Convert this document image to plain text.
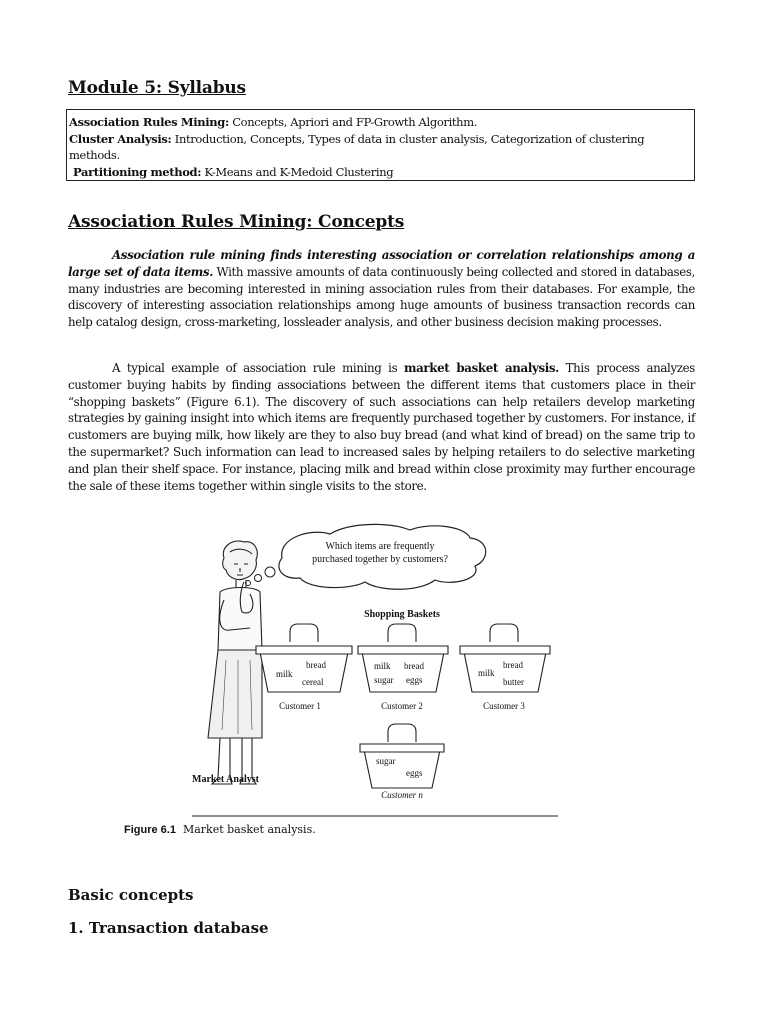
Module 5: Syllabus
Association Rules Mining: Concepts, Apriori and FP-Growth Algorithm.
Cluster Analysis: Introduction, Concepts, Types of data in cluster analysis, Categorization of clustering methods.
Partitioning method: K-Means and K-Medoid Clustering
Association Rules Mining: Concepts

Association rule mining finds interesting association or correlation relationships among a large set of data items. With massive amounts of data continuously being collected and stored in databases, many industries are becoming interested in mining association rules from their databases. For example, the discovery of interesting association relationships among huge amounts of business transaction records can help catalog design, cross-marketing, lossleader analysis, and other business decision making processes.

A typical example of association rule mining is market basket analysis. This process analyzes customer buying habits by finding associations between the different items that customers place in their “shopping baskets” (Figure 6.1). The discovery of such associations can help retailers develop marketing strategies by gaining insight into which items are frequently purchased together by customers. For instance, if customers are buying milk, how likely are they to also buy bread (and what kind of bread) on the same trip to the supermarket? Such information can lead to increased sales by helping retailers to do selective marketing and plan their shelf space. For instance, placing milk and bread within close proximity may further encourage the sale of these items together within single visits to the store.

Which items are frequently
purchased together by customers?
Market Analyst
Shopping Baskets
bread
milk
cereal
Customer 1
milk bread
sugar eggs
Customer 2
bread
milk
butter
Customer 3
sugar
eggs
Customer n
Figure 6.1 Market basket analysis.
Basic concepts
1. Transaction database
